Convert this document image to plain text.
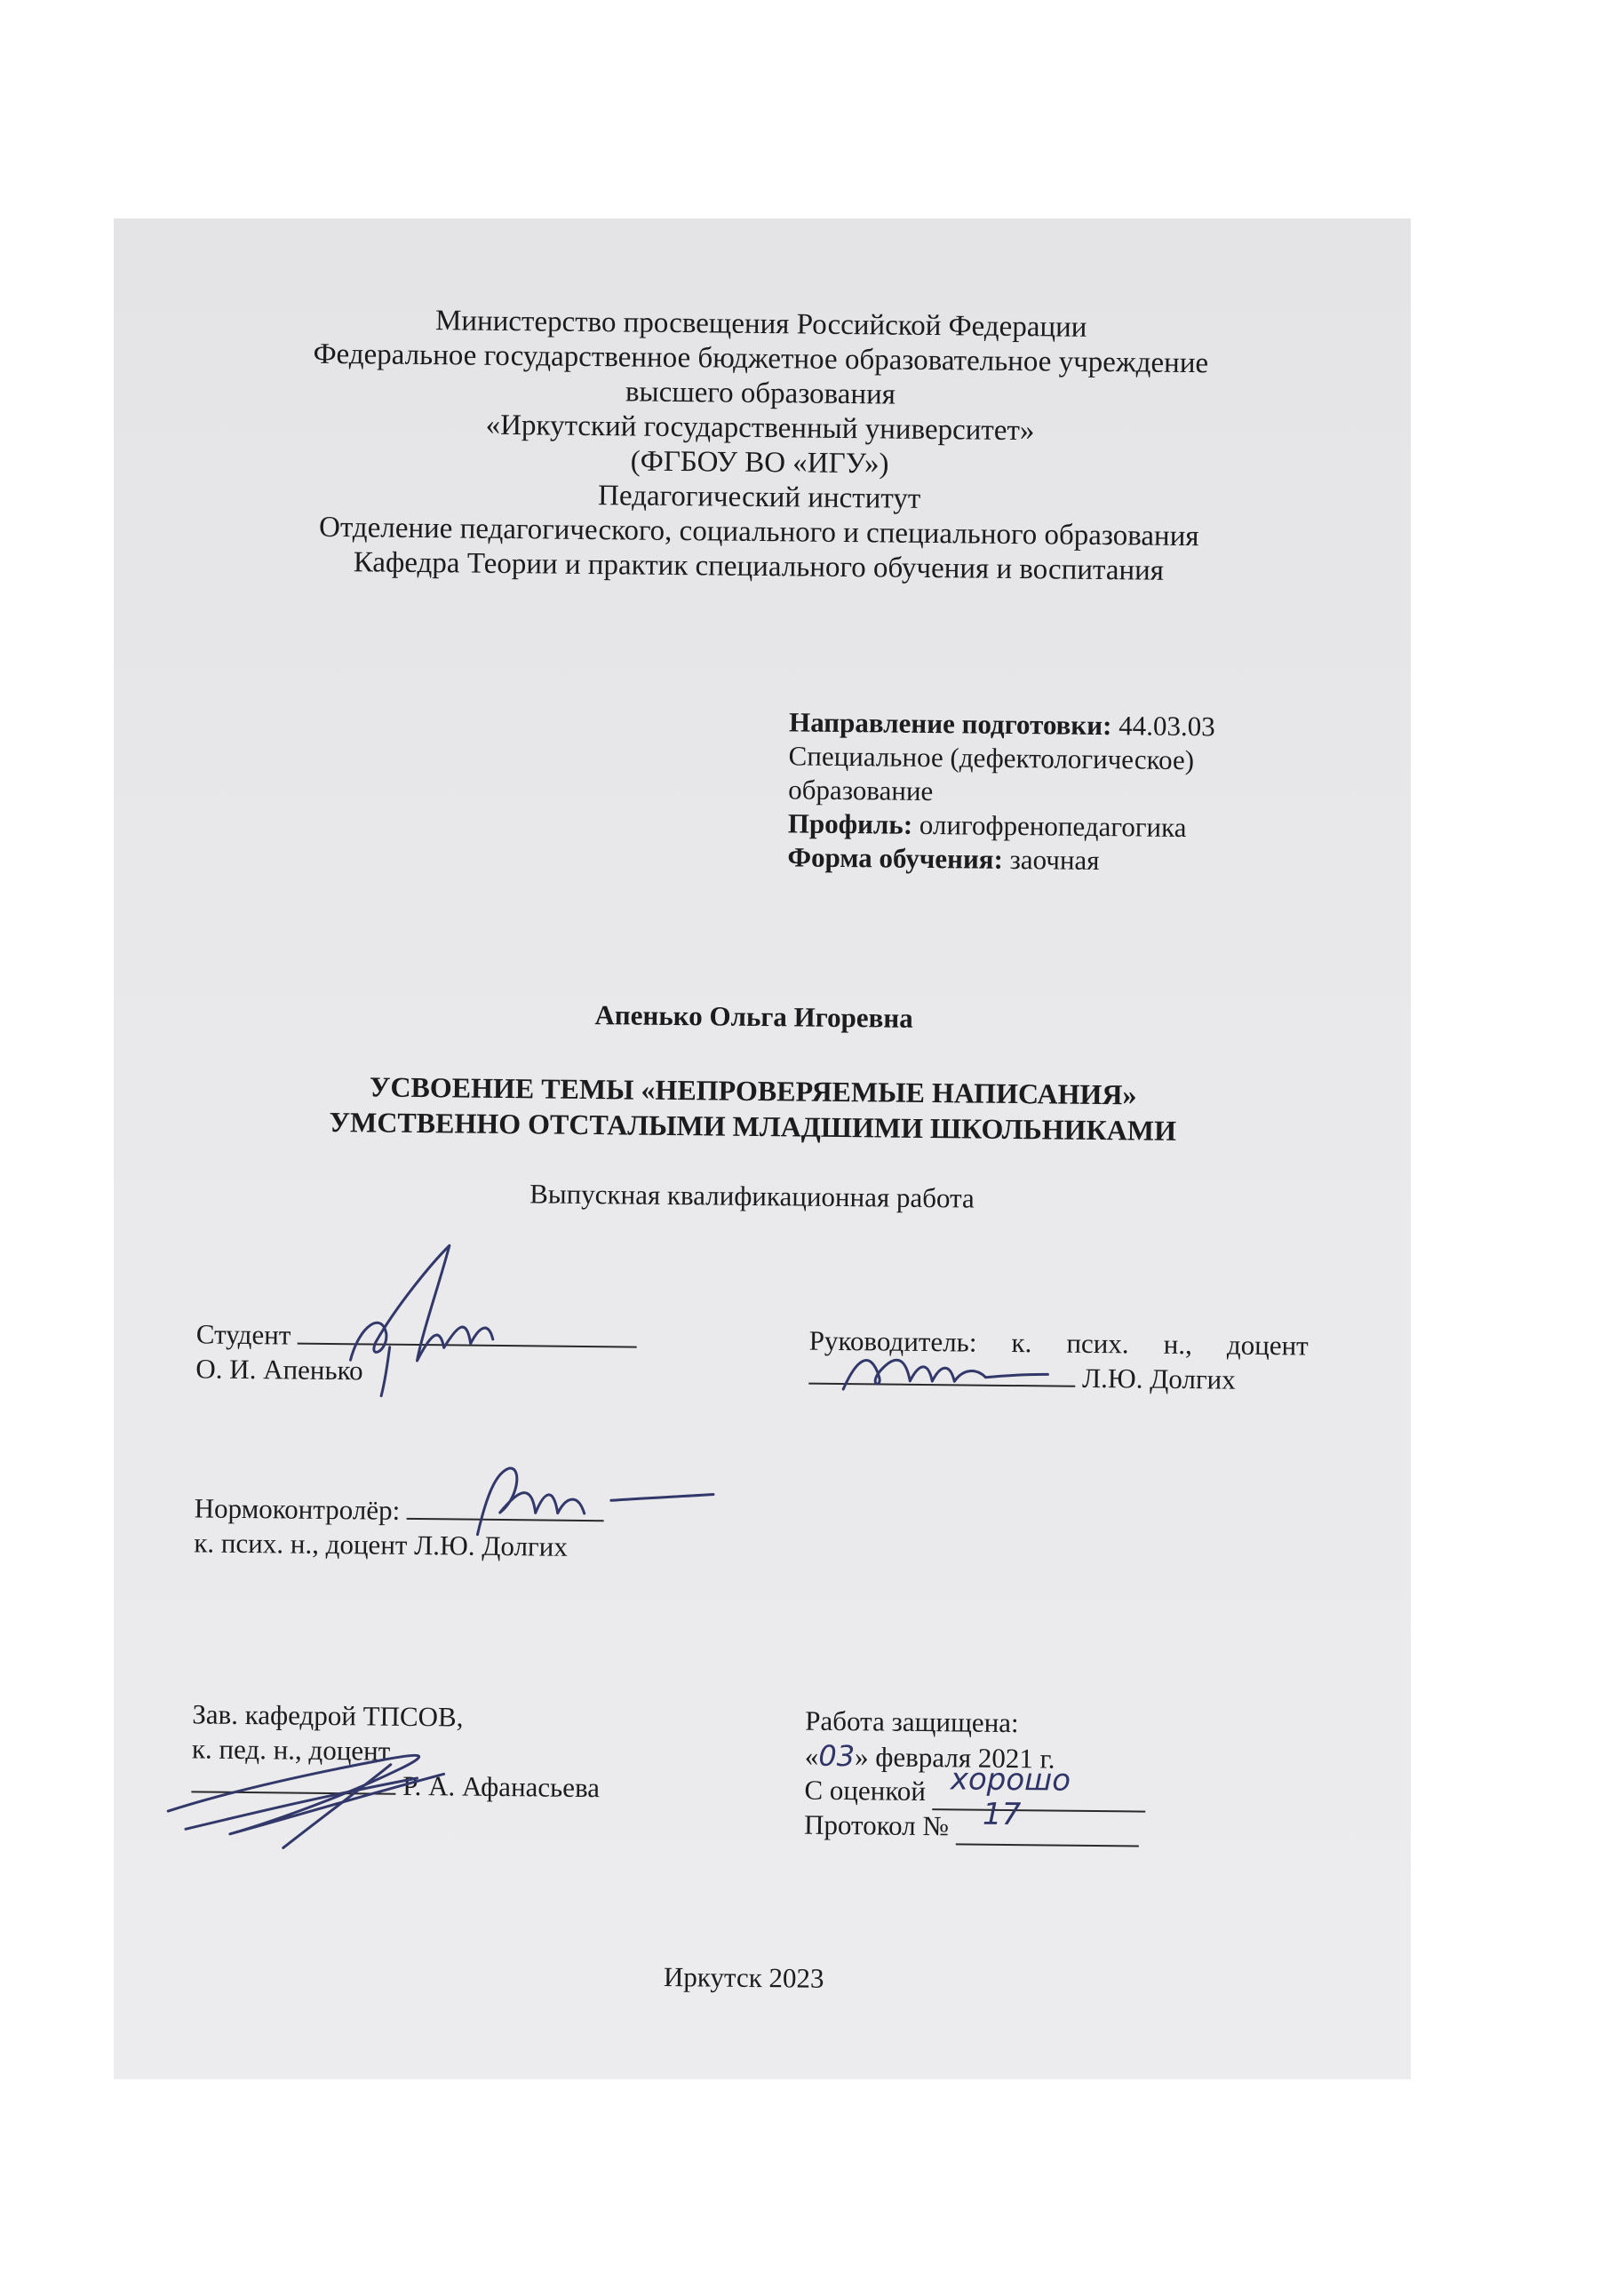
Министерство просвещения Российской Федерации
Федеральное государственное бюджетное образовательное учреждение
высшего образования
«Иркутский государственный университет»
(ФГБОУ ВО «ИГУ»)
Педагогический институт
Отделение педагогического, социального и специального образования
Кафедра Теории и практик специального обучения и воспитания
Направление подготовки: 44.03.03
Специальное (дефектологическое)
образование
Профиль: олигофренопедагогика
Форма обучения: заочная
Апенько Ольга Игоревна
УСВОЕНИЕ ТЕМЫ «НЕПРОВЕРЯЕМЫЕ НАПИСАНИЯ»
УМСТВЕННО ОТСТАЛЫМИ МЛАДШИМИ ШКОЛЬНИКАМИ
Выпускная квалификационная работа
Студент
О. И. Апенько
Руководитель: к. псих. н., доцент
Л.Ю. Долгих
Нормоконтролёр:
к. псих. н., доцент Л.Ю. Долгих
Зав. кафедрой ТПСОВ,
к. пед. н., доцент
Р. А. Афанасьева
Работа защищена:
«03» февраля 2021 г.
С оценкой хорошо

Протокол № 17

Иркутск 2023
